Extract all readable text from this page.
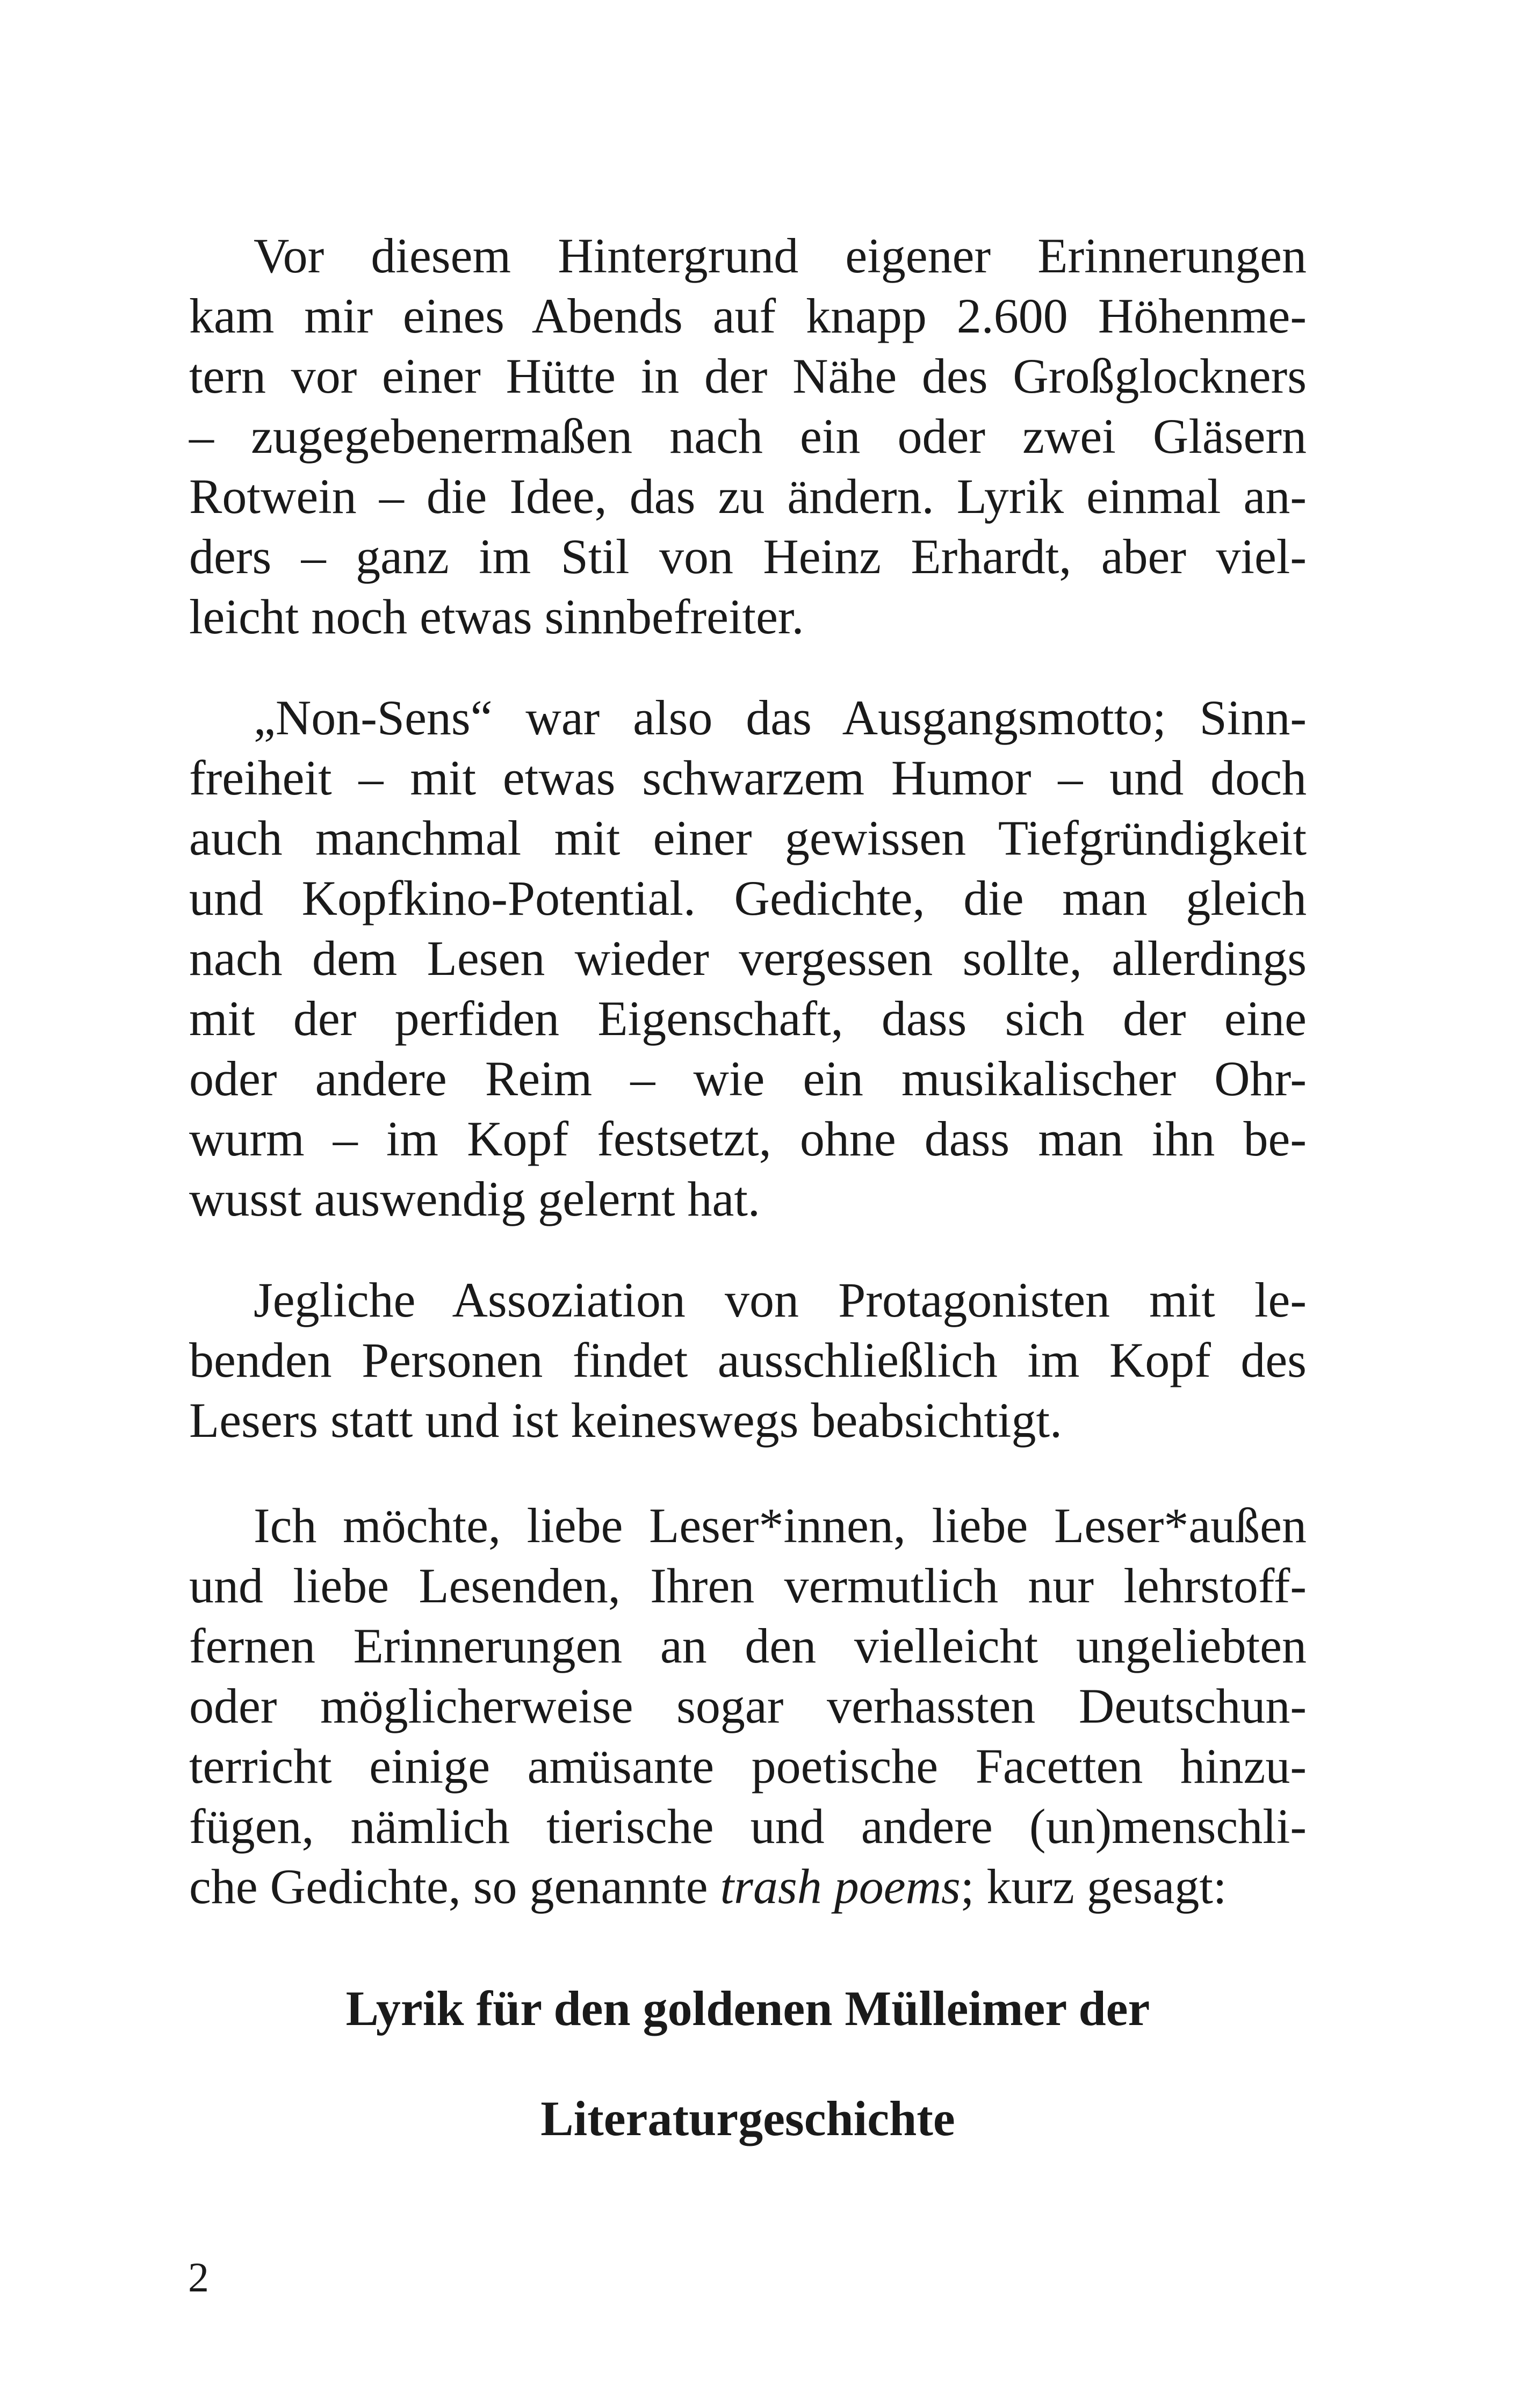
Vor diesem Hintergrund eigener Erinnerungen
kam mir eines Abends auf knapp 2.600 Höhenme-
tern vor einer Hütte in der Nähe des Großglockners
– zugegebenermaßen nach ein oder zwei Gläsern
Rotwein – die Idee, das zu ändern. Lyrik einmal an-
ders – ganz im Stil von Heinz Erhardt, aber viel-
leicht noch etwas sinnbefreiter.
„Non-Sens“ war also das Ausgangsmotto; Sinn-
freiheit – mit etwas schwarzem Humor – und doch
auch manchmal mit einer gewissen Tiefgründigkeit
und Kopfkino-Potential. Gedichte, die man gleich
nach dem Lesen wieder vergessen sollte, allerdings
mit der perfiden Eigenschaft, dass sich der eine
oder andere Reim – wie ein musikalischer Ohr-
wurm – im Kopf festsetzt, ohne dass man ihn be-
wusst auswendig gelernt hat.
Jegliche Assoziation von Protagonisten mit le-
benden Personen findet ausschließlich im Kopf des
Lesers statt und ist keineswegs beabsichtigt.
Ich möchte, liebe Leser*innen, liebe Leser*außen
und liebe Lesenden, Ihren vermutlich nur lehrstoff-
fernen Erinnerungen an den vielleicht ungeliebten
oder möglicherweise sogar verhassten Deutschun-
terricht einige amüsante poetische Facetten hinzu-
fügen, nämlich tierische und andere (un)menschli-
che Gedichte, so genannte trash poems; kurz gesagt:
Lyrik für den goldenen Mülleimer der
Literaturgeschichte
2
